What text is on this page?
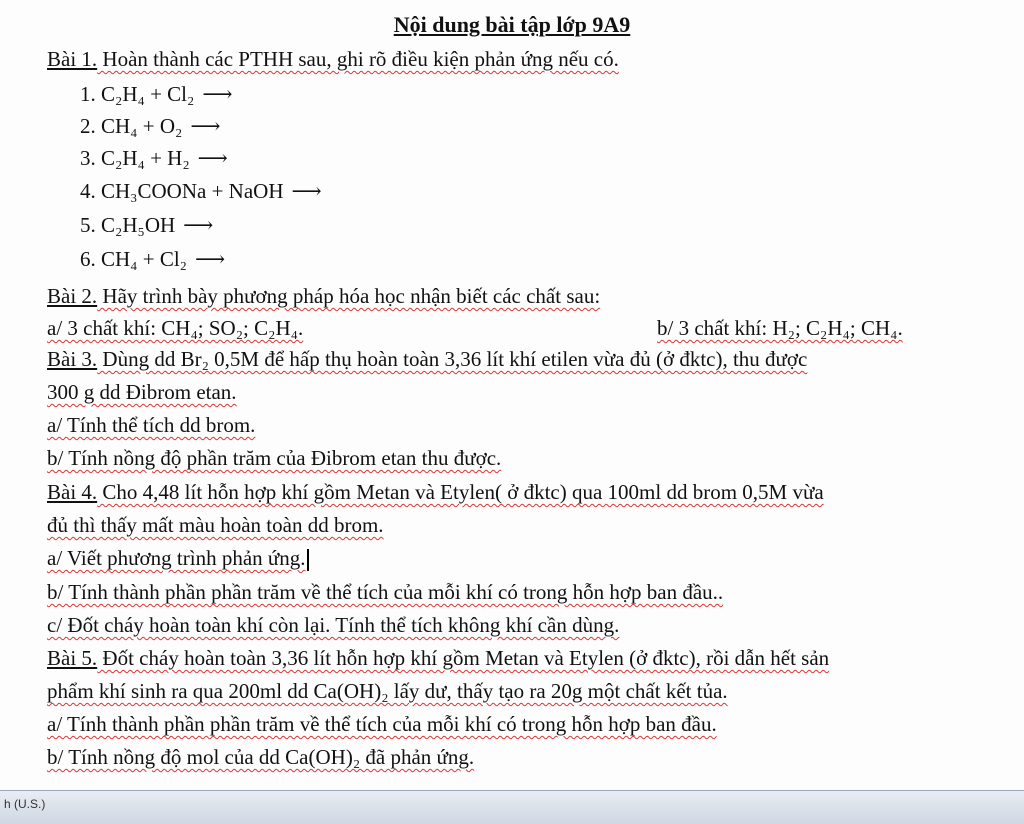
Nội dung bài tập lớp 9A9
Bài 1. Hoàn thành các PTHH sau, ghi rõ điều kiện phản ứng nếu có.
1. C₂H₄ + Cl₂ ⟶
2. CH₄ + O₂ ⟶
3. C₂H₄ + H₂ ⟶
4. CH₃COONa + NaOH ⟶
5. C₂H₅OH ⟶
6. CH₄ + Cl₂ ⟶
Bài 2. Hãy trình bày phương pháp hóa học nhận biết các chất sau:
a/ 3 chất khí: CH₄; SO₂; C₂H₄.	b/ 3 chất khí: H₂; C₂H₄; CH₄.
Bài 3. Dùng dd Br₂ 0,5M để hấp thụ hoàn toàn 3,36 lít khí etilen vừa đủ (ở đktc), thu được
300 g dd Đibrom etan.
a/ Tính thể tích dd brom.
b/ Tính nồng độ phần trăm của Đibrom etan thu được.
Bài 4. Cho 4,48 lít hỗn hợp khí gồm Metan và Etylen( ở đktc) qua 100ml dd brom 0,5M vừa
đủ thì thấy mất màu hoàn toàn dd brom.
a/ Viết phương trình phản ứng.
b/ Tính thành phần phần trăm về thể tích của mỗi khí có trong hỗn hợp ban đầu..
c/ Đốt cháy hoàn toàn khí còn lại. Tính thể tích không khí cần dùng.
Bài 5. Đốt cháy hoàn toàn 3,36 lít hỗn hợp khí gồm Metan và Etylen (ở đktc), rồi dẫn hết sản
phẩm khí sinh ra qua 200ml dd Ca(OH)₂ lấy dư, thấy tạo ra 20g một chất kết tủa.
a/ Tính thành phần phần trăm về thể tích của mỗi khí có trong hỗn hợp ban đầu.
b/ Tính nồng độ mol của dd Ca(OH)₂ đã phản ứng.
h (U.S.)
